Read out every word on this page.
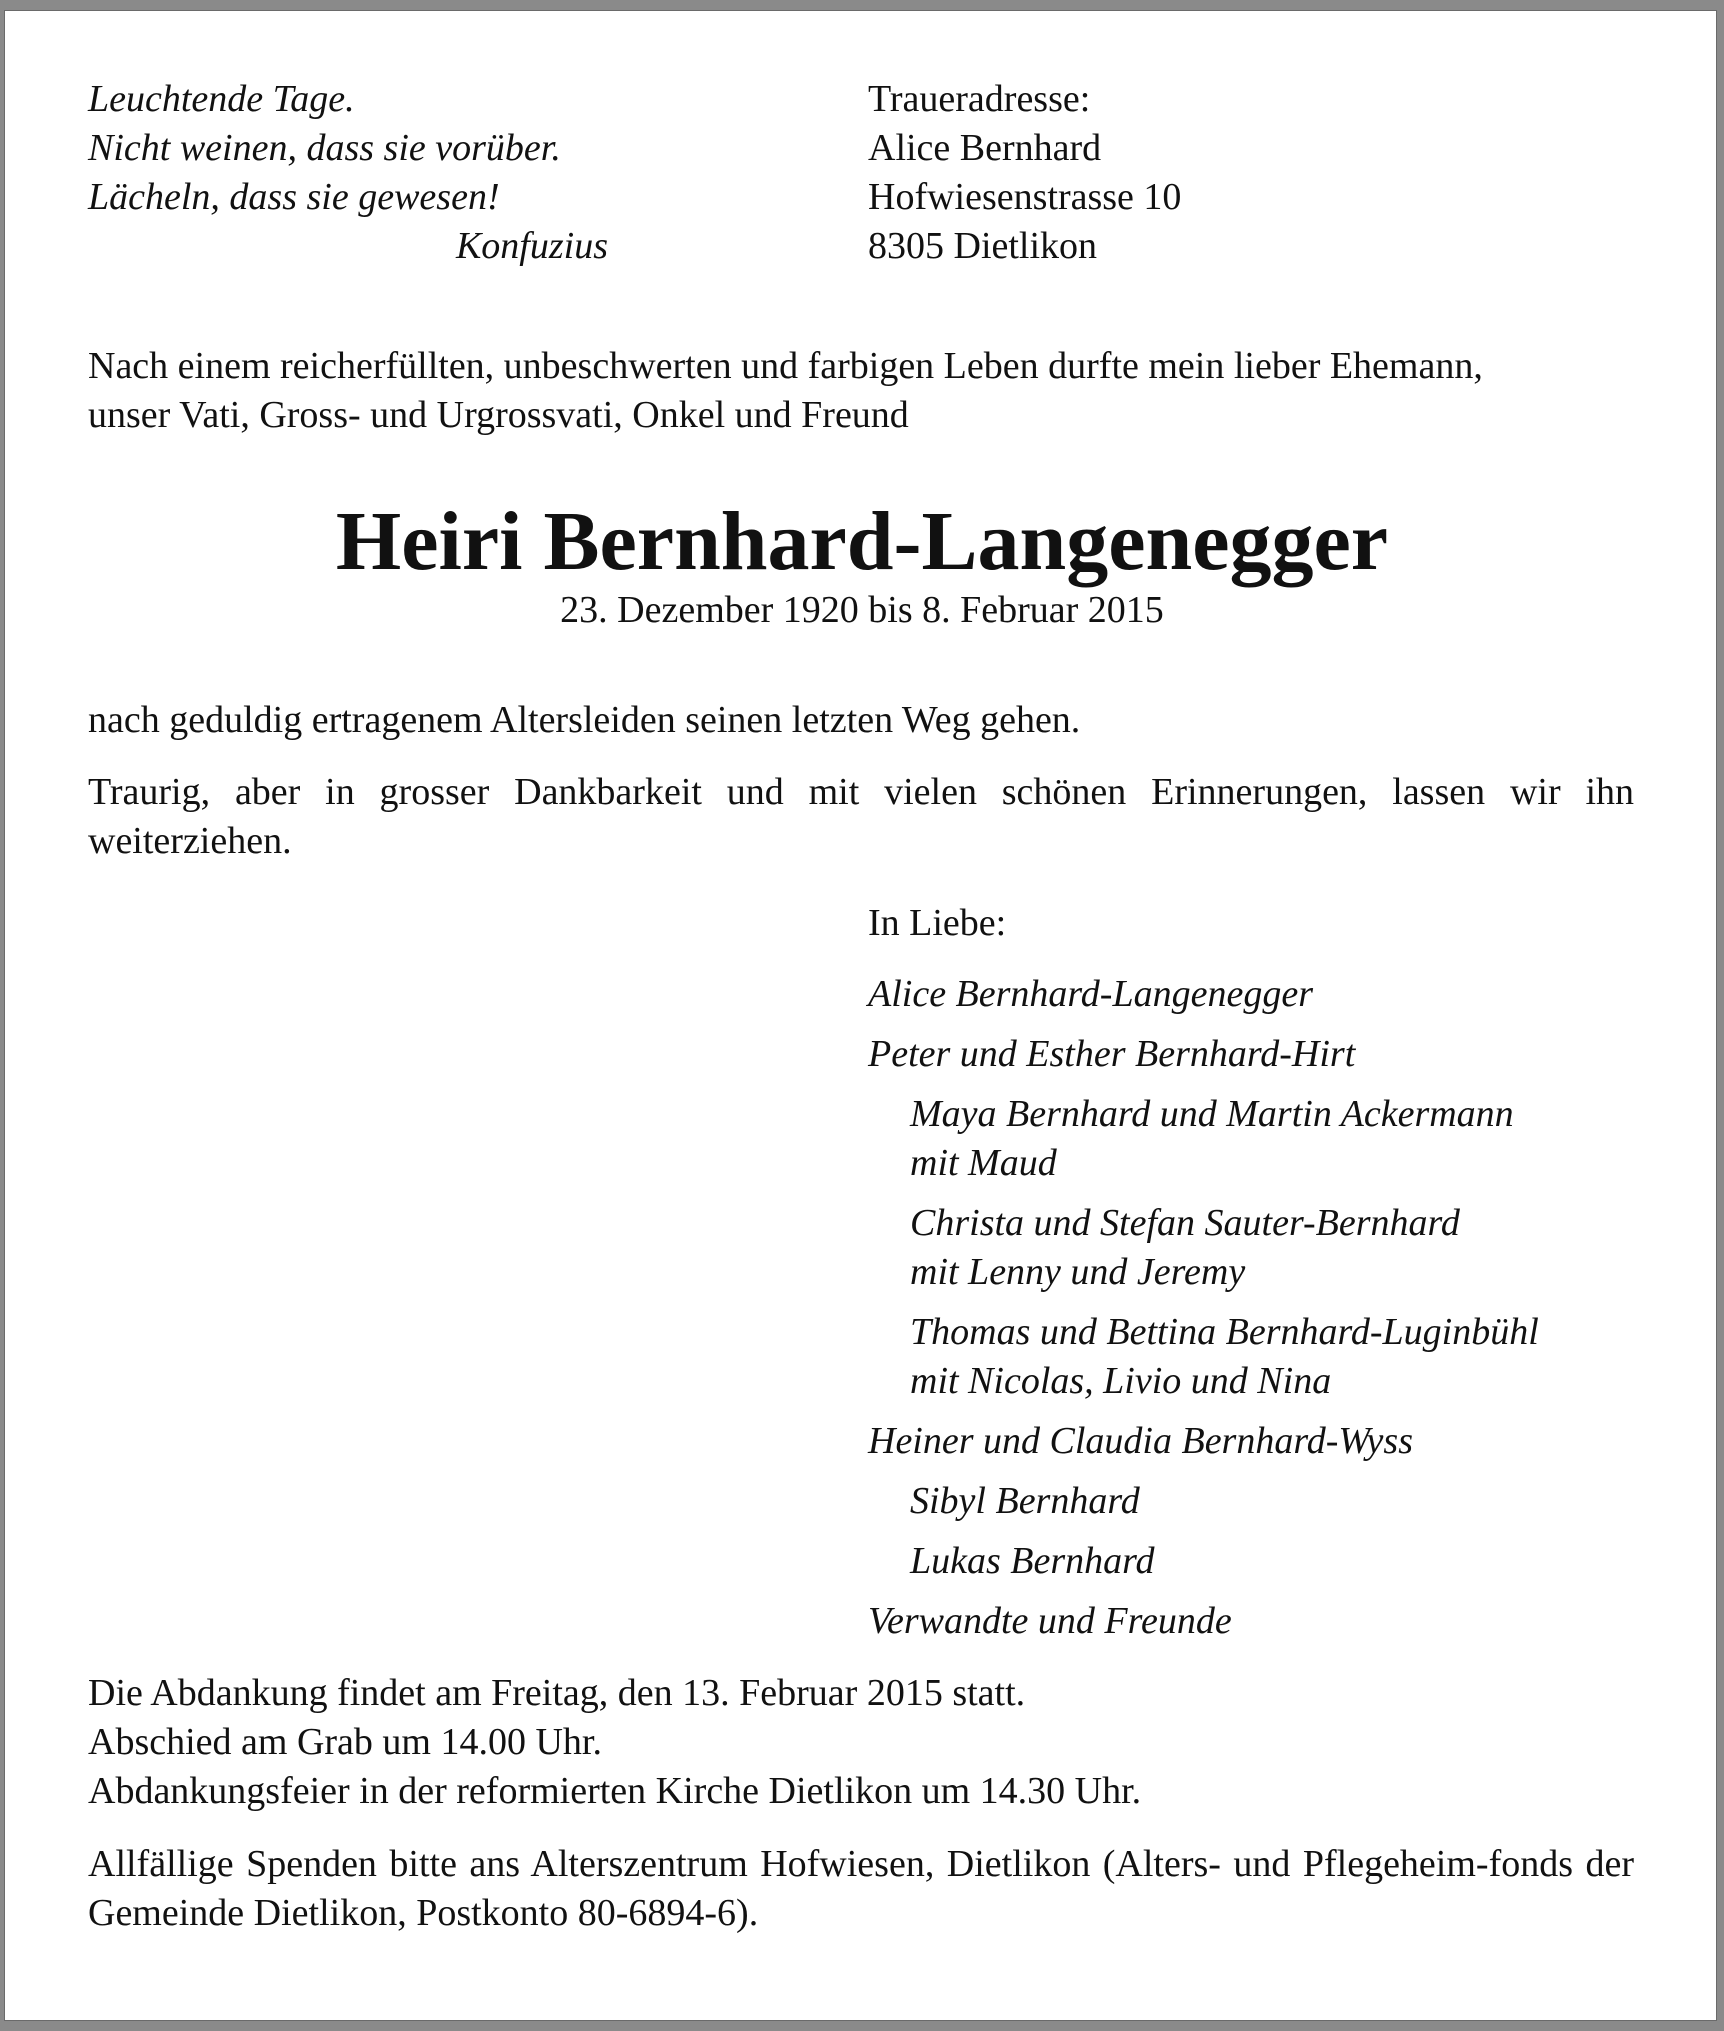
Leuchtende Tage.
Nicht weinen, dass sie vorüber.
Lächeln, dass sie gewesen!
Konfuzius
Traueradresse:
Alice Bernhard
Hofwiesenstrasse 10
8305 Dietlikon
Nach einem reicherfüllten, unbeschwerten und farbigen Leben durfte mein lieber Ehemann,
unser Vati, Gross- und Urgrossvati, Onkel und Freund
Heiri Bernhard-Langenegger
23. Dezember 1920 bis 8. Februar 2015
nach geduldig ertragenem Altersleiden seinen letzten Weg gehen.
Traurig, aber in grosser Dankbarkeit und mit vielen schönen Erinnerungen, lassen wir ihn weiterziehen.
In Liebe:
Alice Bernhard-Langenegger
Peter und Esther Bernhard-Hirt
Maya Bernhard und Martin Ackermann
mit Maud
Christa und Stefan Sauter-Bernhard
mit Lenny und Jeremy
Thomas und Bettina Bernhard-Luginbühl
mit Nicolas, Livio und Nina
Heiner und Claudia Bernhard-Wyss
Sibyl Bernhard
Lukas Bernhard
Verwandte und Freunde
Die Abdankung findet am Freitag, den 13. Februar 2015 statt.
Abschied am Grab um 14.00 Uhr.
Abdankungsfeier in der reformierten Kirche Dietlikon um 14.30 Uhr.
Allfällige Spenden bitte ans Alterszentrum Hofwiesen, Dietlikon (Alters- und Pflegeheim-fonds der Gemeinde Dietlikon, Postkonto 80-6894-6).
